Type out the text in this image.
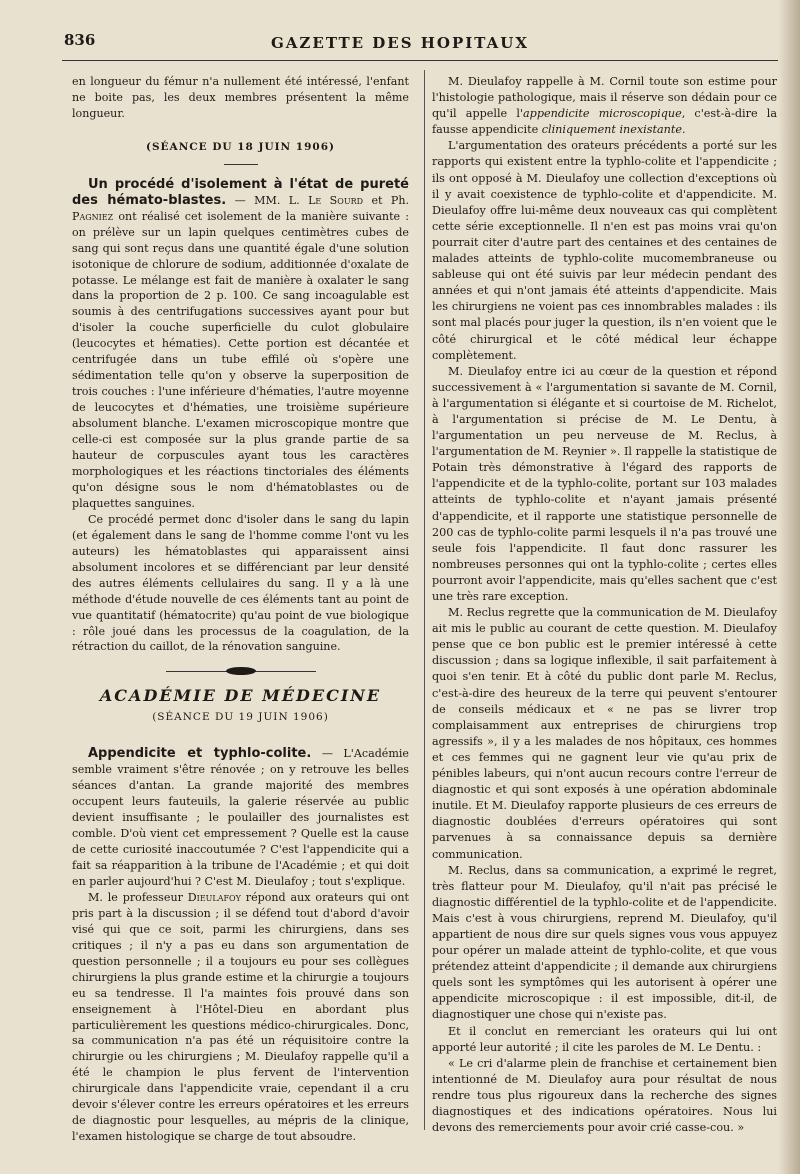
836	GAZETTE DES HOPITAUX

en longueur du fémur n'a nullement été intéressé, l'enfant ne boite pas, les deux membres présentent la même longueur.

(SÉANCE DU 18 JUIN 1906)

Un procédé d'isolement à l'état de pureté des hémato-blastes. — MM. L. Le Sourd et Ph. Pagniez ont réalisé cet isolement de la manière suivante : on prélève sur un lapin quelques centimètres cubes de sang qui sont reçus dans une quantité égale d'une solution isotonique de chlorure de sodium, additionnée d'oxalate de potasse. Le mélange est fait de manière à oxalater le sang dans la proportion de 2 p. 100. Ce sang incoagulable est soumis à des centrifugations successives ayant pour but d'isoler la couche superficielle du culot globulaire (leucocytes et hématies). Cette portion est décantée et centrifugée dans un tube effilé où s'opère une sédimentation telle qu'on y observe la superposition de trois couches : l'une inférieure d'hématies, l'autre moyenne de leucocytes et d'hématies, une troisième supérieure absolument blanche. L'examen microscopique montre que celle-ci est composée sur la plus grande partie de sa hauteur de corpuscules ayant tous les caractères morphologiques et les réactions tinctoriales des éléments qu'on désigne sous le nom d'hématoblastes ou de plaquettes sanguines.

Ce procédé permet donc d'isoler dans le sang du lapin (et également dans le sang de l'homme comme l'ont vu les auteurs) les hématoblastes qui apparaissent ainsi absolument incolores et se différenciant par leur densité des autres éléments cellulaires du sang. Il y a là une méthode d'étude nouvelle de ces éléments tant au point de vue quantitatif (hématocrite) qu'au point de vue biologique : rôle joué dans les processus de la coagulation, de la rétraction du caillot, de la rénovation sanguine.

ACADÉMIE DE MÉDECINE
(SÉANCE DU 19 JUIN 1906)

Appendicite et typhlo-colite. — L'Académie semble vraiment s'être rénovée ; on y retrouve les belles séances d'antan. La grande majorité des membres occupent leurs fauteuils, la galerie réservée au public devient insuffisante ; le poulailler des journalistes est comble. D'où vient cet empressement ? Quelle est la cause de cette curiosité inaccoutumée ? C'est l'appendicite qui a fait sa réapparition à la tribune de l'Académie ; et qui doit en parler aujourd'hui ? C'est M. Dieulafoy ; tout s'explique.

M. le professeur Dieulafoy répond aux orateurs qui ont pris part à la discussion ; il se défend tout d'abord d'avoir visé qui que ce soit, parmi les chirurgiens, dans ses critiques ; il n'y a pas eu dans son argumentation de question personnelle ; il a toujours eu pour ses collègues chirurgiens la plus grande estime et la chirurgie a toujours eu sa tendresse. Il l'a maintes fois prouvé dans son enseignement à l'Hôtel-Dieu en abordant plus particulièrement les questions médico-chirurgicales. Donc, sa communication n'a pas été un réquisitoire contre la chirurgie ou les chirurgiens ; M. Dieulafoy rappelle qu'il a été le champion le plus fervent de l'intervention chirurgicale dans l'appendicite vraie, cependant il a cru devoir s'élever contre les erreurs opératoires et les erreurs de diagnostic pour lesquelles, au mépris de la clinique, l'examen histologique se charge de tout absoudre.

M. Dieulafoy rappelle à M. Cornil toute son estime pour l'histologie pathologique, mais il réserve son dédain pour ce qu'il appelle l'appendicite microscopique, c'est-à-dire la fausse appendicite cliniquement inexistante.

L'argumentation des orateurs précédents a porté sur les rapports qui existent entre la typhlo-colite et l'appendicite ; ils ont opposé à M. Dieulafoy une collection d'exceptions où il y avait coexistence de typhlo-colite et d'appendicite. M. Dieulafoy offre lui-même deux nouveaux cas qui complètent cette série exceptionnelle. Il n'en est pas moins vrai qu'on pourrait citer d'autre part des centaines et des centaines de malades atteints de typhlo-colite mucomembraneuse ou sableuse qui ont été suivis par leur médecin pendant des années et qui n'ont jamais été atteints d'appendicite. Mais les chirurgiens ne voient pas ces innombrables malades : ils sont mal placés pour juger la question, ils n'en voient que le côté chirurgical et le côté médical leur échappe complètement.

M. Dieulafoy entre ici au cœur de la question et répond successivement à « l'argumentation si savante de M. Cornil, à l'argumentation si élégante et si courtoise de M. Richelot, à l'argumentation si précise de M. Le Dentu, à l'argumentation un peu nerveuse de M. Reclus, à l'argumentation de M. Reynier ». Il rappelle la statistique de Potain très démonstrative à l'égard des rapports de l'appendicite et de la typhlo-colite, portant sur 103 malades atteints de typhlo-colite et n'ayant jamais présenté d'appendicite, et il rapporte une statistique personnelle de 200 cas de typhlo-colite parmi lesquels il n'a pas trouvé une seule fois l'appendicite. Il faut donc rassurer les nombreuses personnes qui ont la typhlo-colite ; certes elles pourront avoir l'appendicite, mais qu'elles sachent que c'est une très rare exception.

M. Reclus regrette que la communication de M. Dieulafoy ait mis le public au courant de cette question. M. Dieulafoy pense que ce bon public est le premier intéressé à cette discussion ; dans sa logique inflexible, il sait parfaitement à quoi s'en tenir. Et à côté du public dont parle M. Reclus, c'est-à-dire des heureux de la terre qui peuvent s'entourer de conseils médicaux et « ne pas se livrer trop complaisamment aux entreprises de chirurgiens trop agressifs », il y a les malades de nos hôpitaux, ces hommes et ces femmes qui ne gagnent leur vie qu'au prix de pénibles labeurs, qui n'ont aucun recours contre l'erreur de diagnostic et qui sont exposés à une opération abdominale inutile. Et M. Dieulafoy rapporte plusieurs de ces erreurs de diagnostic doublées d'erreurs opératoires qui sont parvenues à sa connaissance depuis sa dernière communication.

M. Reclus, dans sa communication, a exprimé le regret, très flatteur pour M. Dieulafoy, qu'il n'ait pas précisé le diagnostic différentiel de la typhlo-colite et de l'appendicite. Mais c'est à vous chirurgiens, reprend M. Dieulafoy, qu'il appartient de nous dire sur quels signes vous vous appuyez pour opérer un malade atteint de typhlo-colite, et que vous prétendez atteint d'appendicite ; il demande aux chirurgiens quels sont les symptômes qui les autorisent à opérer une appendicite microscopique : il est impossible, dit-il, de diagnostiquer une chose qui n'existe pas.

Et il conclut en remerciant les orateurs qui lui ont apporté leur autorité ; il cite les paroles de M. Le Dentu. :

« Le cri d'alarme plein de franchise et certainement bien intentionné de M. Dieulafoy aura pour résultat de nous rendre tous plus rigoureux dans la recherche des signes diagnostiques et des indications opératoires. Nous lui devons des remerciements pour avoir crié casse-cou. »
